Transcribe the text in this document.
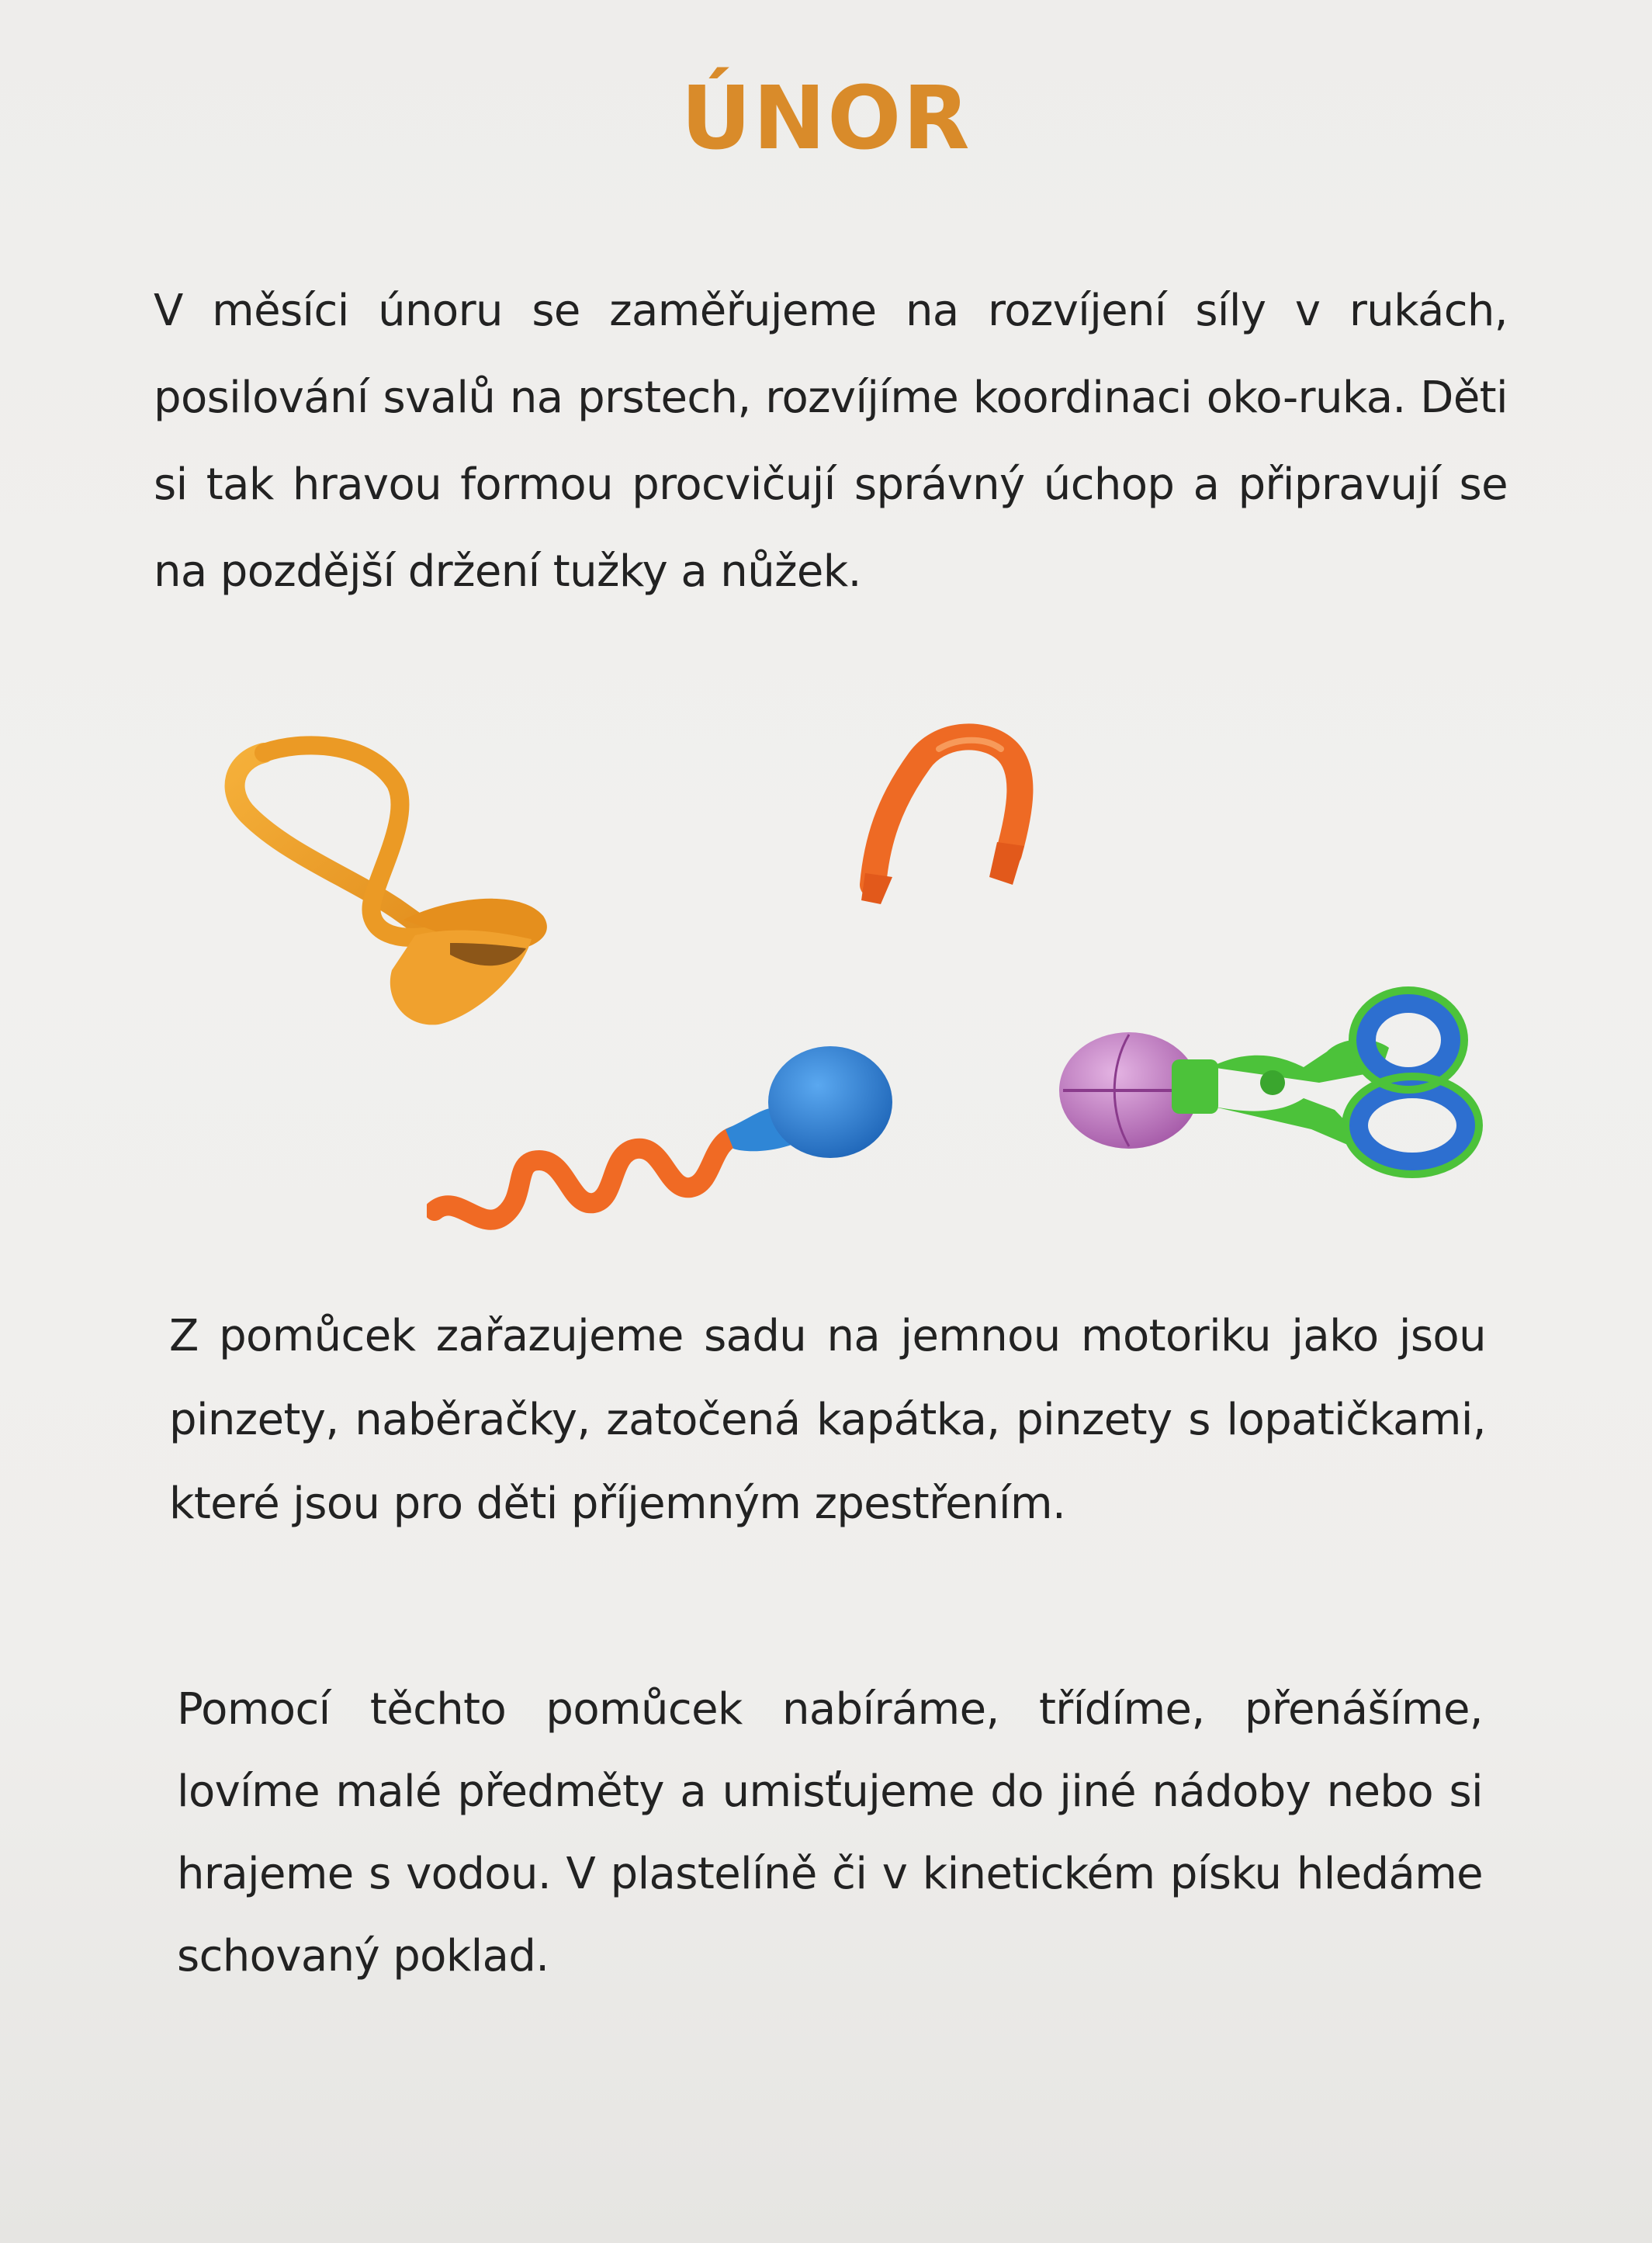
ÚNOR

V měsíci únoru se zaměřujeme na rozvíjení síly v rukách, posilování svalů na prstech, rozvíjíme koordinaci oko-ruka. Děti si tak hravou formou procvičují správný úchop a připravují se na pozdější držení tužky a nůžek.

Z pomůcek zařazujeme sadu na jemnou motoriku jako jsou pinzety, naběračky, zatočená kapátka, pinzety s lopatičkami, které jsou pro děti příjemným zpestřením.

Pomocí těchto pomůcek nabíráme, třídíme, přenášíme, lovíme malé předměty a umisťujeme do jiné nádoby nebo si hrajeme s vodou. V plastelíně či v kinetickém písku hledáme schovaný poklad.
